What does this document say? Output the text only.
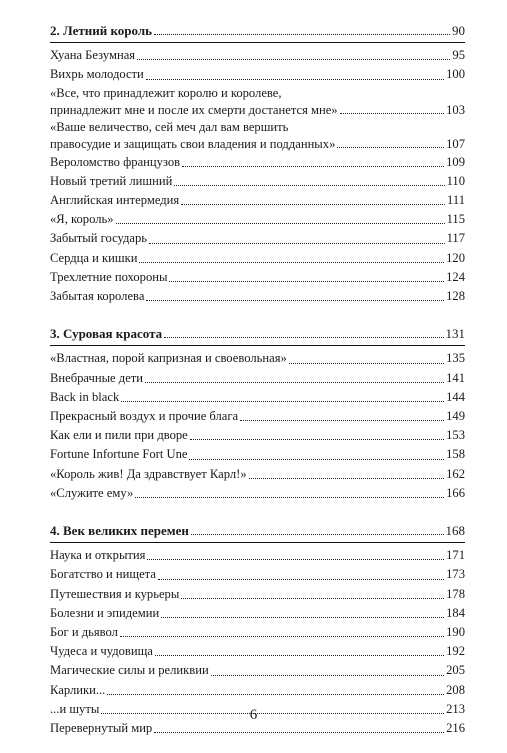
2. Летний король	90
Хуана Безумная	95
Вихрь молодости	100
«Все, что принадлежит королю и королеве,
принадлежит мне и после их смерти достанется мне»	103
«Ваше величество, сей меч дал вам вершить
правосудие и защищать свои владения и подданных»	107
Вероломство французов	109
Новый третий лишний	110
Английская интермедия	111
«Я, король»	115
Забытый государь	117
Сердца и кишки	120
Трехлетние похороны	124
Забытая королева	128
3. Суровая красота	131
«Властная, порой капризная и своевольная»	135
Внебрачные дети	141
Back in black	144
Прекрасный воздух и прочие блага	149
Как ели и пили при дворе	153
Fortune Infortune Fort Une	158
«Король жив! Да здравствует Карл!»	162
«Служите ему»	166
4. Век великих перемен	168
Наука и открытия	171
Богатство и нищета	173
Путешествия и курьеры	178
Болезни и эпидемии	184
Бог и дьявол	190
Чудеса и чудовища	192
Магические силы и реликвии	205
Карлики...	208
...и шуты	213
Перевернутый мир	216
6
